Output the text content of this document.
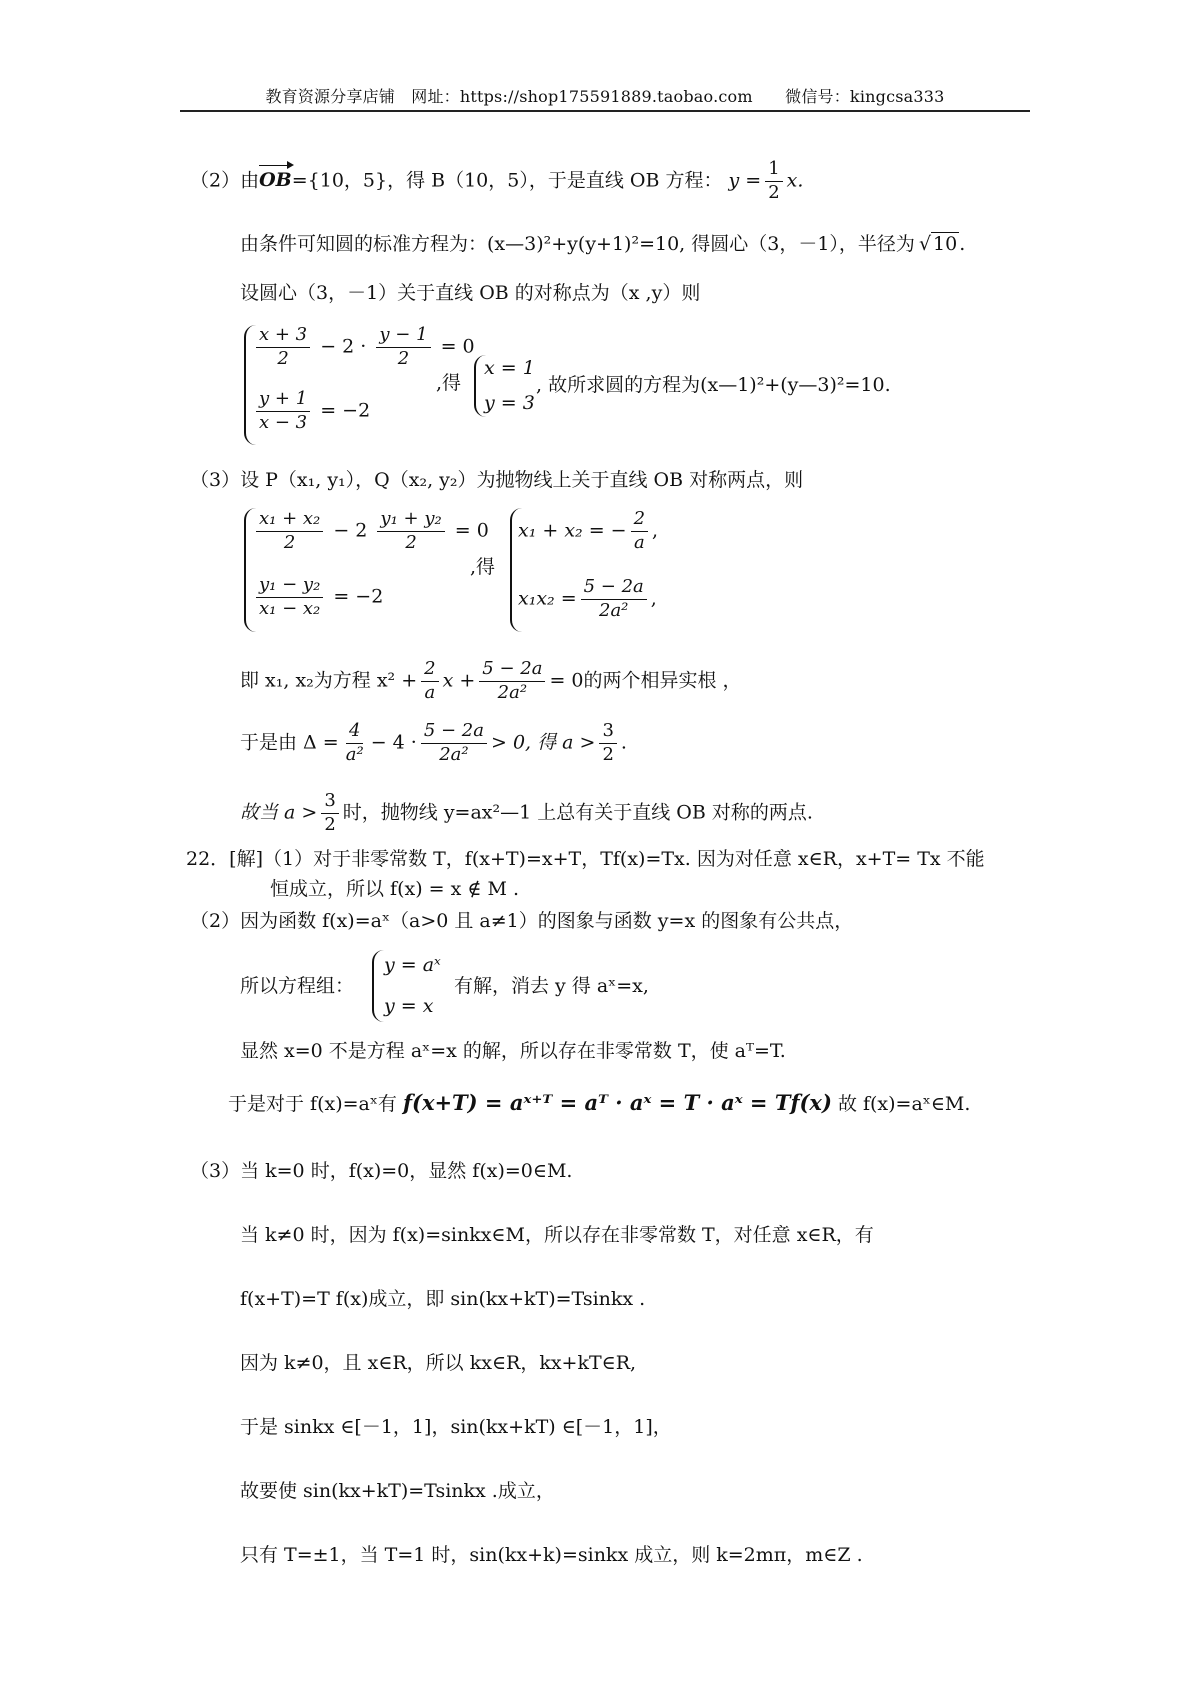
教育资源分享店铺　网址：https://shop175591889.taobao.com　　微信号：kingcsa333
（2）由OB={10，5}，得 B（10，5），于是直线 OB 方程： $y = \frac{1}{2} x$.
由条件可知圆的标准方程为：(x—3)²+y(y+1)²=10, 得圆心（3，－1），半径为 √ 10 .
设圆心（3，－1）关于直线 OB 的对称点为（x ,y）则
$\frac{x + 3}{2} - 2 \cdot \frac{y - 1}{2} = 0$
$\frac{y + 1}{x - 3} = -2$
,得
x = 1
y = 3
, 故所求圆的方程为(x—1)²+(y—3)²=10.
（3）设 P（x₁, y₁），Q（x₂, y₂）为抛物线上关于直线 OB 对称两点，则
$\frac{\text{x₁ + x₂}}{2} - 2 \frac{\text{y₁ + y₂}}{2} = 0$
$\frac{\text{y₁ − y₂}}{\text{x₁ − x₂}} = -2$
,得
x₁ + x₂ = − $\frac{2}{a}$ ,
$x_1x_2 = \frac{5 - 2a}{\text{2a²}}$ ,
即 x₁, x₂为方程 $x^2 + \frac{2}{a}$ $x + \frac{5 - 2a}{\text{2a²}} = 0$的两个相异实根 ，
于是由 $\Delta = \frac{4}{\text{a²}} - 4 \cdot \frac{5 - 2a}{\text{2a²}} > 0$, 得 $a > \frac{3}{2}$ .
故当 $a > \frac{3}{2}$ 时，抛物线 y=ax²—1 上总有关于直线 OB 对称的两点.
22．[解]（1）对于非零常数 T，f(x+T)=x+T，Tf(x)=Tx. 因为对任意 x∈R，x+T= Tx 不能
恒成立，所以 f(x) = x ∉ M .
（2）因为函数 f(x)=aˣ（a>0 且 a≠1）的图象与函数 y=x 的图象有公共点，
所以方程组：
y = aˣ
y = x
有解，消去 y 得 aˣ=x,
显然 x=0 不是方程 aˣ=x 的解，所以存在非零常数 T，使 aᵀ=T.
于是对于 f(x)=aˣ有 f(x+T) = aˣ⁺ᵀ = aᵀ · aˣ = T · aˣ = Tf(x) 故 f(x)=aˣ∈M.
（3）当 k=0 时，f(x)=0，显然 f(x)=0∈M.
当 k≠0 时，因为 f(x)=sinkx∈M，所以存在非零常数 T，对任意 x∈R，有
f(x+T)=T f(x)成立，即 sin(kx+kT)=Tsinkx .
因为 k≠0，且 x∈R，所以 kx∈R，kx+kT∈R,
于是 sinkx ∈[－1，1]，sin(kx+kT) ∈[－1，1]，
故要使 sin(kx+kT)=Tsinkx .成立，
只有 T=±1，当 T=1 时，sin(kx+k)=sinkx 成立，则 k=2mπ，m∈Z .
